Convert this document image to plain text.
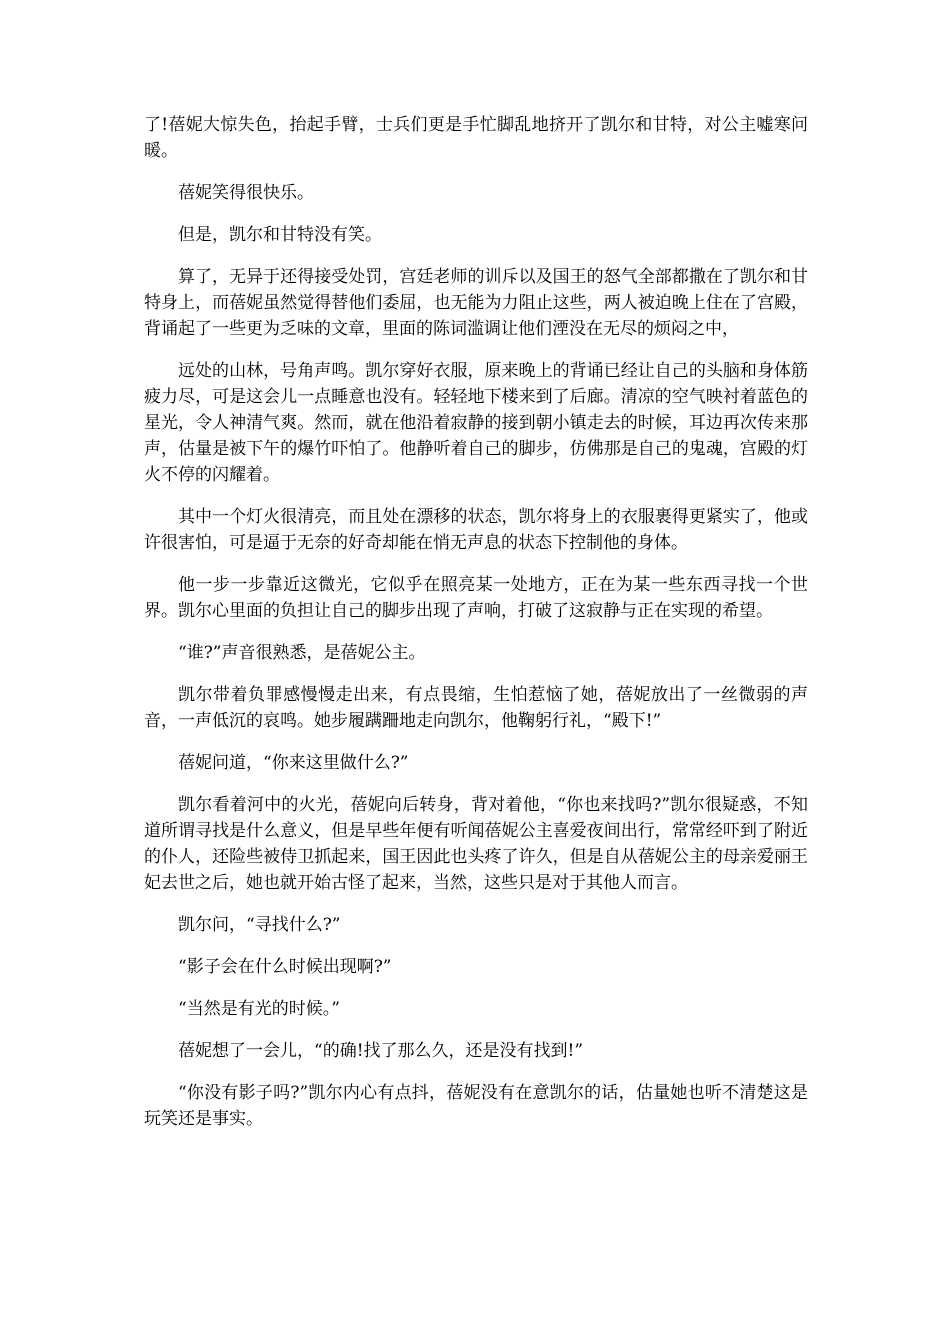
了!蓓妮大惊失色，抬起手臂，士兵们更是手忙脚乱地挤开了凯尔和甘特，对公主嘘寒问暖。

蓓妮笑得很快乐。

但是，凯尔和甘特没有笑。

算了，无异于还得接受处罚，宫廷老师的训斥以及国王的怒气全部都撒在了凯尔和甘特身上，而蓓妮虽然觉得替他们委屈，也无能为力阻止这些，两人被迫晚上住在了宫殿，背诵起了一些更为乏味的文章，里面的陈词滥调让他们湮没在无尽的烦闷之中，

远处的山林，号角声鸣。凯尔穿好衣服，原来晚上的背诵已经让自己的头脑和身体筋疲力尽，可是这会儿一点睡意也没有。轻轻地下楼来到了后廊。清凉的空气映衬着蓝色的星光，令人神清气爽。然而，就在他沿着寂静的接到朝小镇走去的时候，耳边再次传来那声，估量是被下午的爆竹吓怕了。他静听着自己的脚步，仿佛那是自己的鬼魂，宫殿的灯火不停的闪耀着。

其中一个灯火很清亮，而且处在漂移的状态，凯尔将身上的衣服裹得更紧实了，他或许很害怕，可是逼于无奈的好奇却能在悄无声息的状态下控制他的身体。

他一步一步靠近这微光，它似乎在照亮某一处地方，正在为某一些东西寻找一个世界。凯尔心里面的负担让自己的脚步出现了声响，打破了这寂静与正在实现的希望。

“谁?”声音很熟悉，是蓓妮公主。

凯尔带着负罪感慢慢走出来，有点畏缩，生怕惹恼了她，蓓妮放出了一丝微弱的声音，一声低沉的哀鸣。她步履蹒跚地走向凯尔，他鞠躬行礼，“殿下!”

蓓妮问道，“你来这里做什么?”

凯尔看着河中的火光，蓓妮向后转身，背对着他，“你也来找吗?”凯尔很疑惑，不知道所谓寻找是什么意义，但是早些年便有听闻蓓妮公主喜爱夜间出行，常常经吓到了附近的仆人，还险些被侍卫抓起来，国王因此也头疼了许久，但是自从蓓妮公主的母亲爱丽王妃去世之后，她也就开始古怪了起来，当然，这些只是对于其他人而言。

凯尔问，“寻找什么?”

“影子会在什么时候出现啊?”

“当然是有光的时候。”

蓓妮想了一会儿，“的确!找了那么久，还是没有找到!”

“你没有影子吗?”凯尔内心有点抖，蓓妮没有在意凯尔的话，估量她也听不清楚这是玩笑还是事实。
